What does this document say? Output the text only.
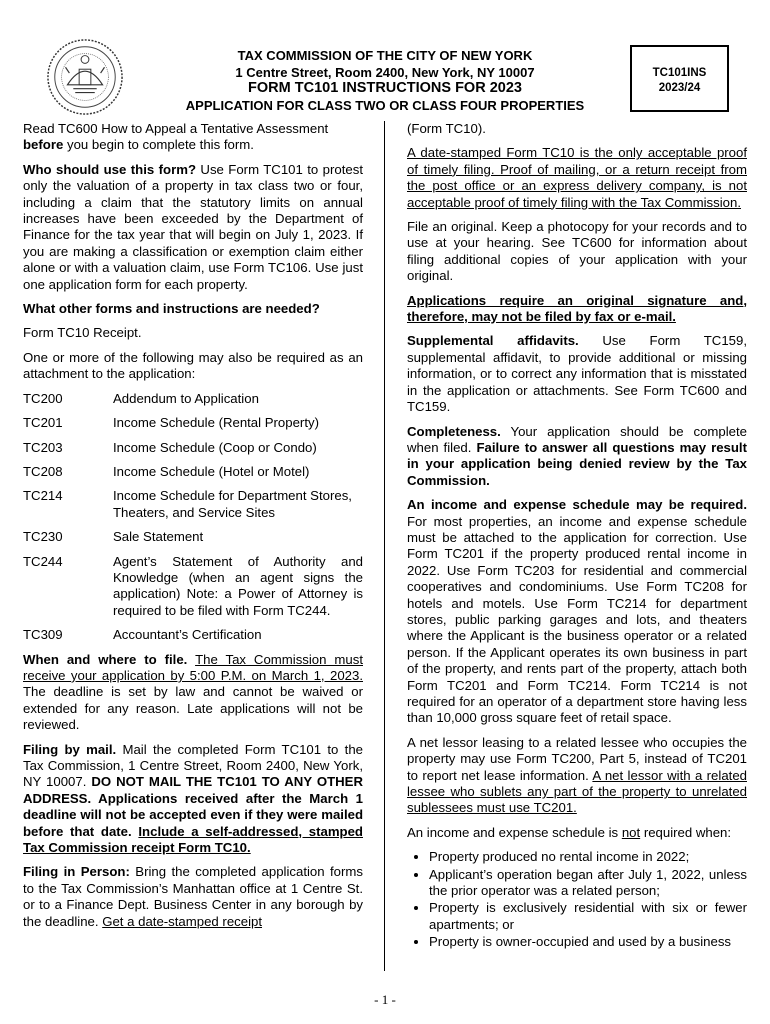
TAX COMMISSION OF THE CITY OF NEW YORK
1 Centre Street, Room 2400, New York, NY 10007
FORM TC101 INSTRUCTIONS FOR 2023
APPLICATION FOR CLASS TWO OR CLASS FOUR PROPERTIES
TC101INS
2023/24

Read TC600 How to Appeal a Tentative Assessment before you begin to complete this form.

Who should use this form? Use Form TC101 to protest only the valuation of a property in tax class two or four, including a claim that the statutory limits on annual increases have been exceeded by the Department of Finance for the tax year that will begin on July 1, 2023. If you are making a classification or exemption claim either alone or with a valuation claim, use Form TC106. Use just one application form for each property.

What other forms and instructions are needed?

Form TC10 Receipt.

One or more of the following may also be required as an attachment to the application:

TC200	Addendum to Application
TC201	Income Schedule (Rental Property)
TC203	Income Schedule (Coop or Condo)
TC208	Income Schedule (Hotel or Motel)
TC214	Income Schedule for Department Stores, Theaters, and Service Sites
TC230	Sale Statement
TC244	Agent’s Statement of Authority and Knowledge (when an agent signs the application) Note: a Power of Attorney is required to be filed with Form TC244.
TC309	Accountant’s Certification

When and where to file. The Tax Commission must receive your application by 5:00 P.M. on March 1, 2023. The deadline is set by law and cannot be waived or extended for any reason. Late applications will not be reviewed.

Filing by mail. Mail the completed Form TC101 to the Tax Commission, 1 Centre Street, Room 2400, New York, NY 10007. DO NOT MAIL THE TC101 TO ANY OTHER ADDRESS. Applications received after the March 1 deadline will not be accepted even if they were mailed before that date. Include a self-addressed, stamped Tax Commission receipt Form TC10.

Filing in Person: Bring the completed application forms to the Tax Commission’s Manhattan office at 1 Centre St. or to a Finance Dept. Business Center in any borough by the deadline. Get a date-stamped receipt

(Form TC10).

A date-stamped Form TC10 is the only acceptable proof of timely filing. Proof of mailing, or a return receipt from the post office or an express delivery company, is not acceptable proof of timely filing with the Tax Commission.

File an original. Keep a photocopy for your records and to use at your hearing. See TC600 for information about filing additional copies of your application with your original.

Applications require an original signature and, therefore, may not be filed by fax or e-mail.

Supplemental affidavits. Use Form TC159, supplemental affidavit, to provide additional or missing information, or to correct any information that is misstated in the application or attachments. See Form TC600 and TC159.

Completeness. Your application should be complete when filed. Failure to answer all questions may result in your application being denied review by the Tax Commission.

An income and expense schedule may be required. For most properties, an income and expense schedule must be attached to the application for correction. Use Form TC201 if the property produced rental income in 2022. Use Form TC203 for residential and commercial cooperatives and condominiums. Use Form TC208 for hotels and motels. Use Form TC214 for department stores, public parking garages and lots, and theaters where the Applicant is the business operator or a related person. If the Applicant operates its own business in part of the property, and rents part of the property, attach both Form TC201 and Form TC214. Form TC214 is not required for an operator of a department store having less than 10,000 gross square feet of retail space.

A net lessor leasing to a related lessee who occupies the property may use Form TC200, Part 5, instead of TC201 to report net lease information. A net lessor with a related lessee who sublets any part of the property to unrelated sublessees must use TC201.

An income and expense schedule is not required when:

• Property produced no rental income in 2022;
• Applicant’s operation began after July 1, 2022, unless the prior operator was a related person;
• Property is exclusively residential with six or fewer apartments; or
• Property is owner-occupied and used by a business
- 1 -
